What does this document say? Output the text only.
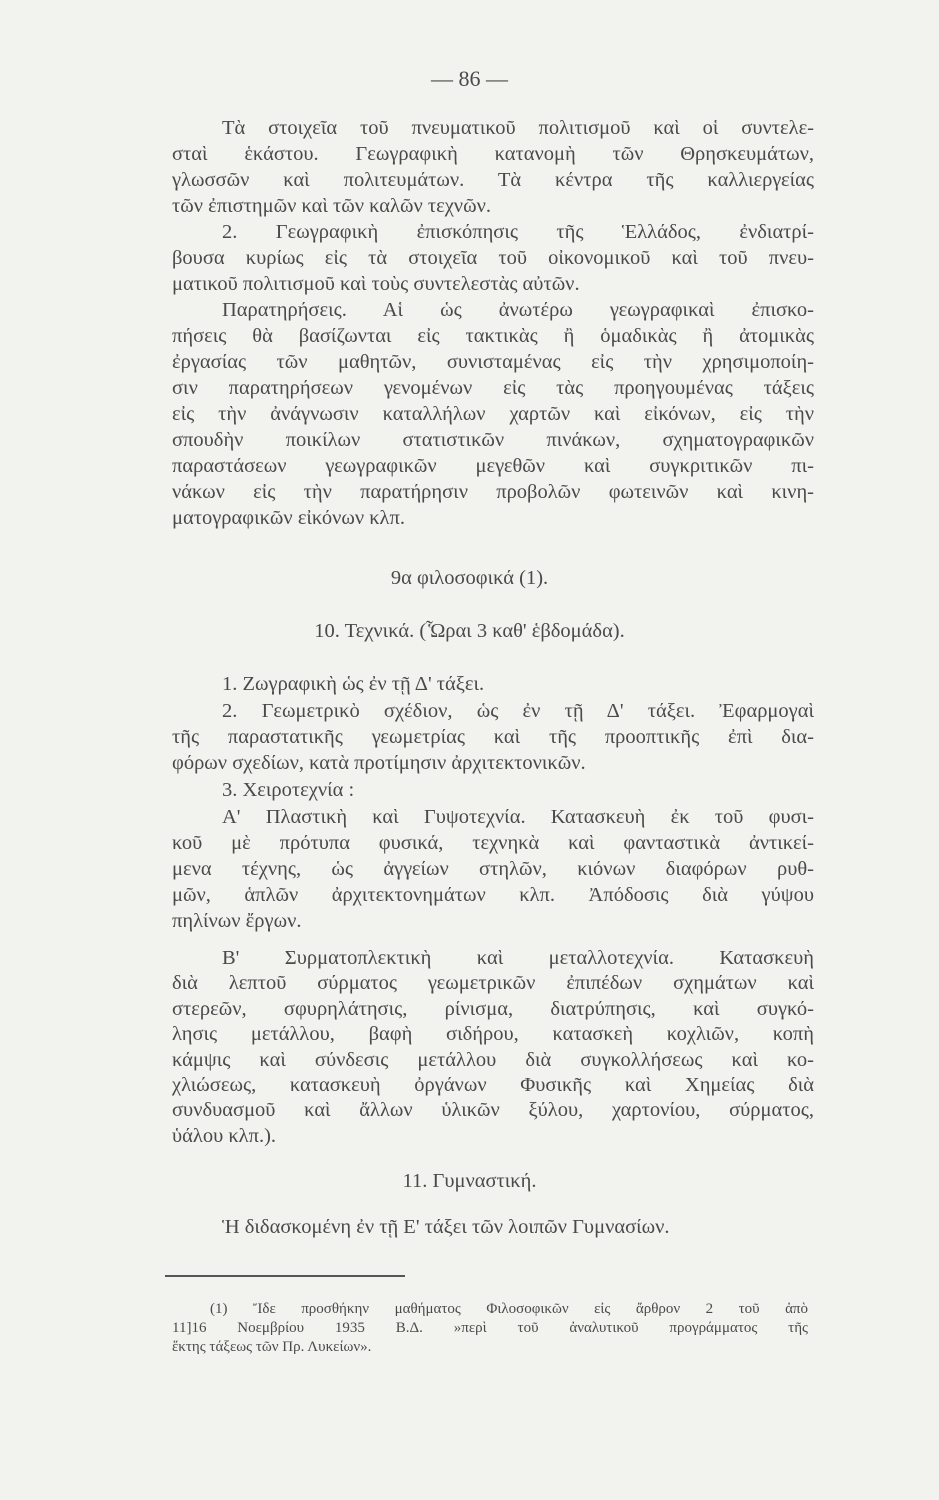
— 86 —
Τὰ στοιχεῖα τοῦ πνευματικοῦ πολιτισμοῦ καὶ οἱ συντελε-
σταὶ ἑκάστου. Γεωγραφικὴ κατανομὴ τῶν Θρησκευμάτων,
γλωσσῶν καὶ πολιτευμάτων. Τὰ κέντρα τῆς καλλιεργείας
τῶν ἐπιστημῶν καὶ τῶν καλῶν τεχνῶν.
2. Γεωγραφικὴ ἐπισκόπησις τῆς Ἑλλάδος, ἐνδιατρί-
βουσα κυρίως εἰς τὰ στοιχεῖα τοῦ οἰκονομικοῦ καὶ τοῦ πνευ-
ματικοῦ πολιτισμοῦ καὶ τοὺς συντελεστὰς αὐτῶν.
Παρατηρήσεις. Αἱ ὡς ἀνωτέρω γεωγραφικαὶ ἐπισκο-
πήσεις θὰ βασίζωνται εἰς τακτικὰς ἢ ὁμαδικὰς ἢ ἀτομικὰς
ἐργασίας τῶν μαθητῶν, συνισταμένας εἰς τὴν χρησιμοποίη-
σιν παρατηρήσεων γενομένων εἰς τὰς προηγουμένας τάξεις
εἰς τὴν ἀνάγνωσιν καταλλήλων χαρτῶν καὶ εἰκόνων, εἰς τὴν
σπουδὴν ποικίλων στατιστικῶν πινάκων, σχηματογραφικῶν
παραστάσεων γεωγραφικῶν μεγεθῶν καὶ συγκριτικῶν πι-
νάκων εἰς τὴν παρατήρησιν προβολῶν φωτεινῶν καὶ κινη-
ματογραφικῶν εἰκόνων κλπ.
9α φιλοσοφικά (1).
10. Τεχνικά. (Ὧραι 3 καθ' ἑβδομάδα).
1. Ζωγραφικὴ ὡς ἐν τῇ Δ' τάξει.
2. Γεωμετρικὸ σχέδιον, ὡς ἐν τῇ Δ' τάξει. Ἐφαρμογαὶ
τῆς παραστατικῆς γεωμετρίας καὶ τῆς προοπτικῆς ἐπὶ δια-
φόρων σχεδίων, κατὰ προτίμησιν ἀρχιτεκτονικῶν.
3. Χειροτεχνία :
Α' Πλαστικὴ καὶ Γυψοτεχνία. Κατασκευὴ ἐκ τοῦ φυσι-
κοῦ μὲ πρότυπα φυσικά, τεχνηκὰ καὶ φανταστικὰ ἀντικεί-
μενα τέχνης, ὡς ἀγγείων στηλῶν, κιόνων διαφόρων ρυθ-
μῶν, ἁπλῶν ἀρχιτεκτονημάτων κλπ. Ἀπόδοσις διὰ γύψου
πηλίνων ἔργων.
Β' Συρματοπλεκτικὴ καὶ μεταλλοτεχνία. Κατασκευὴ
διὰ λεπτοῦ σύρματος γεωμετρικῶν ἐπιπέδων σχημάτων καὶ
στερεῶν, σφυρηλάτησις, ρίνισμα, διατρύπησις, καὶ συγκό-
λησις μετάλλου, βαφὴ σιδήρου, κατασκεὴ κοχλιῶν, κοπὴ
κάμψις καὶ σύνδεσις μετάλλου διὰ συγκολλήσεως καὶ κο-
χλιώσεως, κατασκευὴ ὀργάνων Φυσικῆς καὶ Χημείας διὰ
συνδυασμοῦ καὶ ἄλλων ὑλικῶν ξύλου, χαρτονίου, σύρματος,
ὑάλου κλπ.).
11. Γυμναστική.
Ἡ διδασκομένη ἐν τῇ Ε' τάξει τῶν λοιπῶν Γυμνασίων.
(1) Ἴδε προσθήκην μαθήματος Φιλοσοφικῶν εἰς ἄρθρον 2 τοῦ ἀπὸ
11]16 Νοεμβρίου 1935 Β.Δ. »περὶ τοῦ ἀναλυτικοῦ προγράμματος τῆς
ἕκτης τάξεως τῶν Πρ. Λυκείων».
